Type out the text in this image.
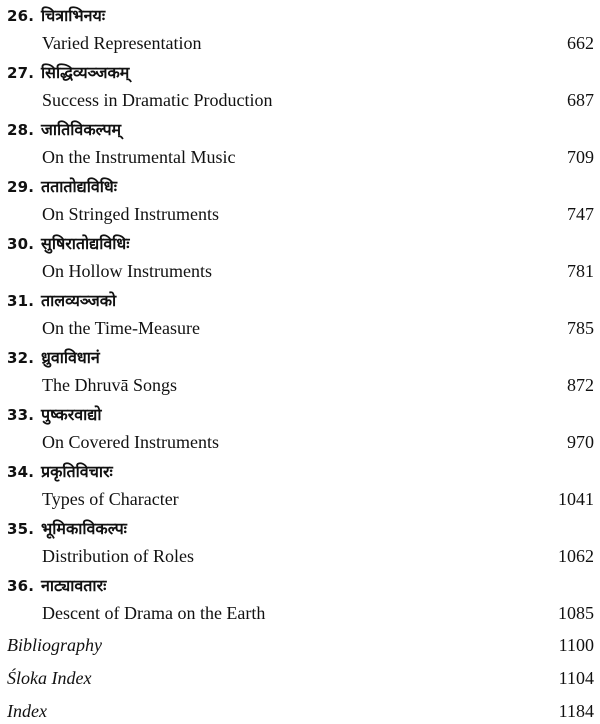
26. चित्राभिनयः
Varied Representation	662
27. सिद्धिव्यञ्जकम्
Success in Dramatic Production	687
28. जातिविकल्पम्
On the Instrumental Music	709
29. ततातोद्यविधिः
On Stringed Instruments	747
30. सुषिरातोद्यविधिः
On Hollow Instruments	781
31. तालव्यञ्जको
On the Time-Measure	785
32. ध्रुवाविधानं
The Dhruvā Songs	872
33. पुष्करवाद्यो
On Covered Instruments	970
34. प्रकृतिविचारः
Types of Character	1041
35. भूमिकाविकल्पः
Distribution of Roles	1062
36. नाट्यावतारः
Descent of Drama on the Earth	1085
Bibliography	1100
Śloka Index	1104
Index	1184
